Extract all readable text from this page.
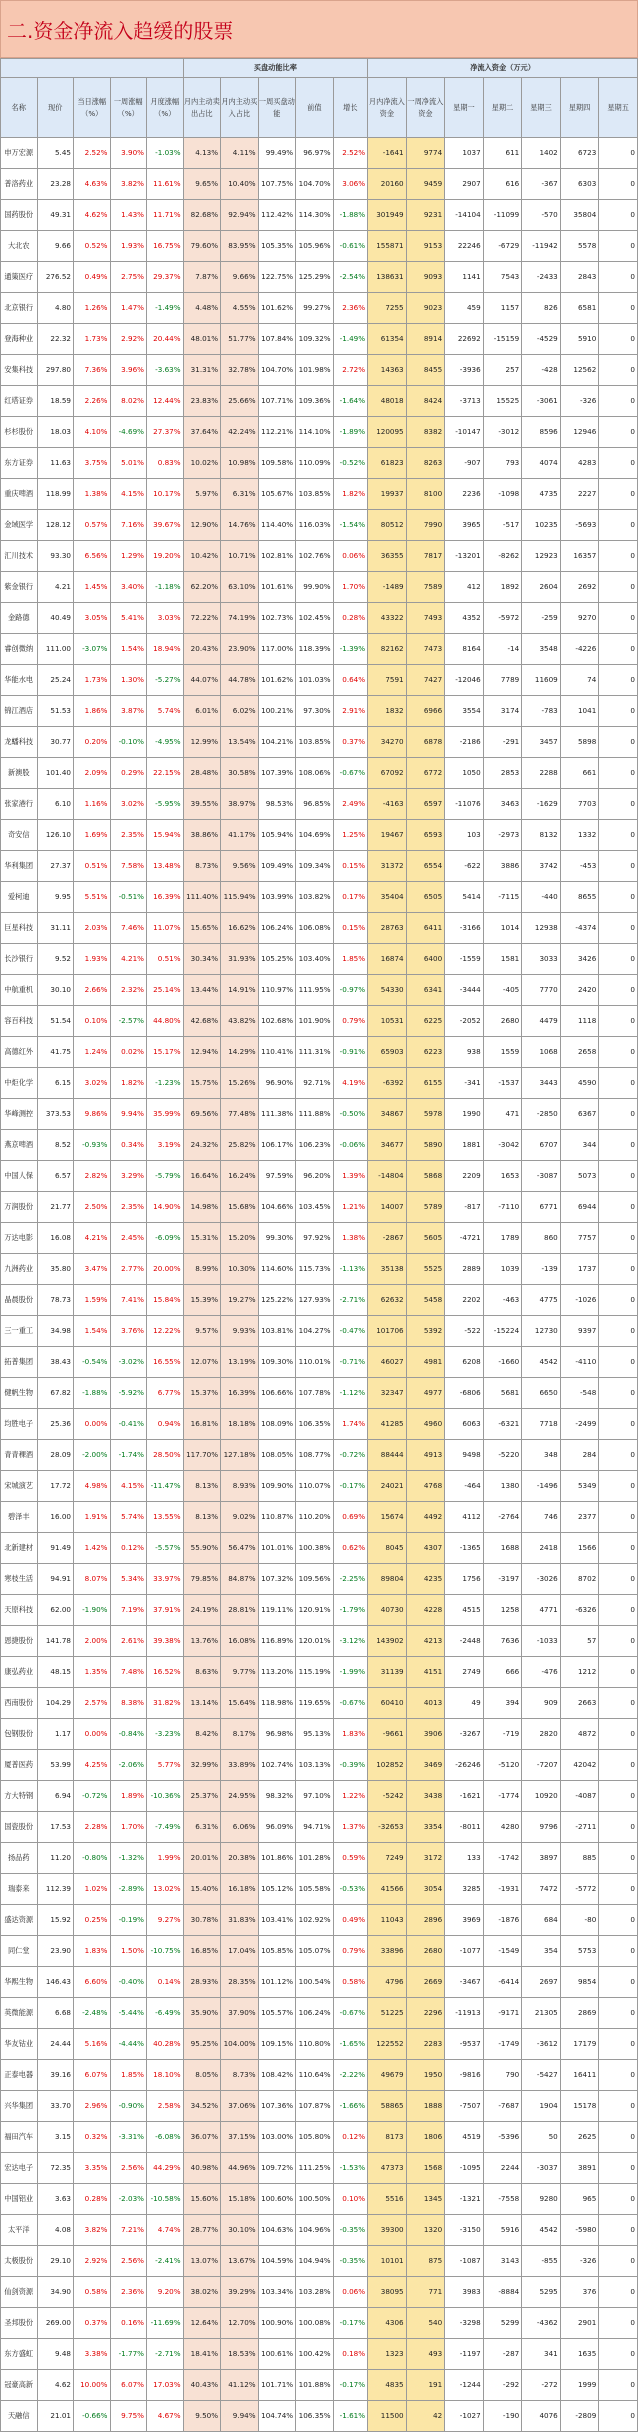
二.资金净流入趋缓的股票
					买盘动能比率					净流入资金（万元）						
名称	现价	当日涨幅（%）	一周涨幅（%）	月度涨幅（%）	月内主动卖出占比	月内主动买入占比	一周买盘动能	前值	增长	月内净流入资金	一周净流入资金	星期一	星期二	星期三	星期四	星期五
申万宏源	5.45	2.52%	3.90%	-1.03%	4.13%	4.11%	99.49%	96.97%	2.52%	-1641	9774	1037	611	1402	6723	0
普洛药业	23.28	4.63%	3.82%	11.61%	9.65%	10.40%	107.75%	104.70%	3.06%	20160	9459	2907	616	-367	6303	0
国药股份	49.31	4.62%	1.43%	11.71%	82.68%	92.94%	112.42%	114.30%	-1.88%	301949	9231	-14104	-11099	-570	35804	0
大北农	9.66	0.52%	1.93%	16.75%	79.60%	83.95%	105.35%	105.96%	-0.61%	155871	9153	22246	-6729	-11942	5578	0
通策医疗	276.52	0.49%	2.75%	29.37%	7.87%	9.66%	122.75%	125.29%	-2.54%	138631	9093	1141	7543	-2433	2843	0
北京银行	4.80	1.26%	1.47%	-1.49%	4.48%	4.55%	101.62%	99.27%	2.36%	7255	9023	459	1157	826	6581	0
登海种业	22.32	1.73%	2.92%	20.44%	48.01%	51.77%	107.84%	109.32%	-1.49%	61354	8914	22692	-15159	-4529	5910	0
安集科技	297.80	7.36%	3.96%	-3.63%	31.31%	32.78%	104.70%	101.98%	2.72%	14363	8455	-3936	257	-428	12562	0
红塔证券	18.59	2.26%	8.02%	12.44%	23.83%	25.66%	107.71%	109.36%	-1.64%	48018	8424	-3713	15525	-3061	-326	0
杉杉股份	18.03	4.10%	-4.69%	27.37%	37.64%	42.24%	112.21%	114.10%	-1.89%	120095	8382	-10147	-3012	8596	12946	0
东方证券	11.63	3.75%	5.01%	0.83%	10.02%	10.98%	109.58%	110.09%	-0.52%	61823	8263	-907	793	4074	4283	0
重庆啤酒	118.99	1.38%	4.15%	10.17%	5.97%	6.31%	105.67%	103.85%	1.82%	19937	8100	2236	-1098	4735	2227	0
金域医学	128.12	0.57%	7.16%	39.67%	12.90%	14.76%	114.40%	116.03%	-1.54%	80512	7990	3965	-517	10235	-5693	0
汇川技术	93.30	6.56%	1.29%	19.20%	10.42%	10.71%	102.81%	102.76%	0.06%	36355	7817	-13201	-8262	12923	16357	0
紫金银行	4.21	1.45%	3.40%	-1.18%	62.20%	63.10%	101.61%	99.90%	1.70%	-1489	7589	412	1892	2604	2692	0
金路德	40.49	3.05%	5.41%	3.03%	72.22%	74.19%	102.73%	102.45%	0.28%	43322	7493	4352	-5972	-259	9270	0
睿创微纳	111.00	-3.07%	1.54%	18.94%	20.43%	23.90%	117.00%	118.39%	-1.39%	82162	7473	8164	-14	3548	-4226	0
华能水电	25.24	1.73%	1.30%	-5.27%	44.07%	44.78%	101.62%	101.03%	0.64%	7591	7427	-12046	7789	11609	74	0
锦江酒店	51.53	1.86%	3.87%	5.74%	6.01%	6.02%	100.21%	97.30%	2.91%	1832	6966	3554	3174	-783	1041	0
龙蟠科技	30.77	0.20%	-0.10%	-4.95%	12.99%	13.54%	104.21%	103.85%	0.37%	34270	6878	-2186	-291	3457	5898	0
新澳股	101.40	2.09%	0.29%	22.15%	28.48%	30.58%	107.39%	108.06%	-0.67%	67092	6772	1050	2853	2288	661	0
张家港行	6.10	1.16%	3.02%	-5.95%	39.55%	38.97%	98.53%	96.85%	2.49%	-4163	6597	-11076	3463	-1629	7703	0
奇安信	126.10	1.69%	2.35%	15.94%	38.86%	41.17%	105.94%	104.69%	1.25%	19467	6593	103	-2973	8132	1332	0
华利集团	27.37	0.51%	7.58%	13.48%	8.73%	9.56%	109.49%	109.34%	0.15%	31372	6554	-622	3886	3742	-453	0
爱柯迪	9.95	5.51%	-0.51%	16.39%	111.40%	115.94%	103.99%	103.82%	0.17%	35404	6505	5414	-7115	-440	8655	0
巨星科技	31.11	2.03%	7.46%	11.07%	15.65%	16.62%	106.24%	106.08%	0.15%	28763	6411	-3166	1014	12938	-4374	0
长沙银行	9.52	1.93%	4.21%	0.51%	30.34%	31.93%	105.25%	103.40%	1.85%	16874	6400	-1559	1581	3033	3426	0
中航重机	30.10	2.66%	2.32%	25.14%	13.44%	14.91%	110.97%	111.95%	-0.97%	54330	6341	-3444	-405	7770	2420	0
容百科技	51.54	0.10%	-2.57%	44.80%	42.68%	43.82%	102.68%	101.90%	0.79%	10531	6225	-2052	2680	4479	1118	0
高德红外	41.75	1.24%	0.02%	15.17%	12.94%	14.29%	110.41%	111.31%	-0.91%	65903	6223	938	1559	1068	2658	0
中炬化学	6.15	3.02%	1.82%	-1.23%	15.75%	15.26%	96.90%	92.71%	4.19%	-6392	6155	-341	-1537	3443	4590	0
华峰测控	373.53	9.86%	9.94%	35.99%	69.56%	77.48%	111.38%	111.88%	-0.50%	34867	5978	1990	471	-2850	6367	0
燕京啤酒	8.52	-0.93%	0.34%	3.19%	24.32%	25.82%	106.17%	106.23%	-0.06%	34677	5890	1881	-3042	6707	344	0
中国人保	6.57	2.82%	3.29%	-5.79%	16.64%	16.24%	97.59%	96.20%	1.39%	-14804	5868	2209	1653	-3087	5073	0
万润股份	21.77	2.50%	2.35%	14.90%	14.98%	15.68%	104.66%	103.45%	1.21%	14007	5789	-817	-7110	6771	6944	0
万达电影	16.08	4.21%	2.45%	-6.09%	15.31%	15.20%	99.30%	97.92%	1.38%	-2867	5605	-4721	1789	860	7757	0
九洲药业	35.80	3.47%	2.77%	20.00%	8.99%	10.30%	114.60%	115.73%	-1.13%	35138	5525	2889	1039	-139	1737	0
晶晨股份	78.73	1.59%	7.41%	15.84%	15.39%	19.27%	125.22%	127.93%	-2.71%	62632	5458	2202	-463	4775	-1026	0
三一重工	34.98	1.54%	3.76%	12.22%	9.57%	9.93%	103.81%	104.27%	-0.47%	101706	5392	-522	-15224	12730	9397	0
拓普集团	38.43	-0.54%	-3.02%	16.55%	12.07%	13.19%	109.30%	110.01%	-0.71%	46027	4981	6208	-1660	4542	-4110	0
健帆生物	67.82	-1.88%	-5.92%	6.77%	15.37%	16.39%	106.66%	107.78%	-1.12%	32347	4977	-6806	5681	6650	-548	0
均胜电子	25.36	0.00%	-0.41%	0.94%	16.81%	18.18%	108.09%	106.35%	1.74%	41285	4960	6063	-6321	7718	-2499	0
青青稞酒	28.09	-2.00%	-1.74%	28.50%	117.70%	127.18%	108.05%	108.77%	-0.72%	88444	4913	9498	-5220	348	284	0
宋城演艺	17.72	4.98%	4.15%	-11.47%	8.13%	8.93%	109.90%	110.07%	-0.17%	24021	4768	-464	1380	-1496	5349	0
碧泽丰	16.00	1.91%	5.74%	13.55%	8.13%	9.02%	110.87%	110.20%	0.69%	15674	4492	4112	-2764	746	2377	0
北新建材	91.49	1.42%	0.12%	-5.57%	55.90%	56.47%	101.01%	100.38%	0.62%	8045	4307	-1365	1688	2418	1566	0
寒枝生活	94.91	8.07%	5.34%	33.97%	79.85%	84.87%	107.32%	109.56%	-2.25%	89804	4235	1756	-3197	-3026	8702	0
天原科技	62.00	-1.90%	7.19%	37.91%	24.19%	28.81%	119.11%	120.91%	-1.79%	40730	4228	4515	1258	4771	-6326	0
恩捷股份	141.78	2.00%	2.61%	39.38%	13.76%	16.08%	116.89%	120.01%	-3.12%	143902	4213	-2448	7636	-1033	57	0
康弘药业	48.15	1.35%	7.48%	16.52%	8.63%	9.77%	113.20%	115.19%	-1.99%	31139	4151	2749	666	-476	1212	0
西南股份	104.29	2.57%	8.38%	31.82%	13.14%	15.64%	118.98%	119.65%	-0.67%	60410	4013	49	394	909	2663	0
包钢股份	1.17	0.00%	-0.84%	-3.23%	8.42%	8.17%	96.98%	95.13%	1.83%	-9661	3906	-3267	-719	2820	4872	0
厦普医药	53.99	4.25%	-2.06%	5.77%	32.99%	33.89%	102.74%	103.13%	-0.39%	102852	3469	-26246	-5120	-7207	42042	0
方大特钢	6.94	-0.72%	1.89%	-10.36%	25.37%	24.95%	98.32%	97.10%	1.22%	-5242	3438	-1621	-1774	10920	-4087	0
国瓷股份	17.53	2.28%	1.70%	-7.49%	6.31%	6.06%	96.09%	94.71%	1.37%	-32653	3354	-8011	4280	9796	-2711	0
扬品药	11.20	-0.80%	-1.32%	1.99%	20.01%	20.38%	101.86%	101.28%	0.59%	7249	3172	133	-1742	3897	885	0
瑞泰来	112.39	1.02%	-2.89%	13.02%	15.40%	16.18%	105.12%	105.58%	-0.53%	41566	3054	3285	-1931	7472	-5772	0
盛达资源	15.92	0.25%	-0.19%	9.27%	30.78%	31.83%	103.41%	102.92%	0.49%	11043	2896	3969	-1876	684	-80	0
同仁堂	23.90	1.83%	1.50%	-10.75%	16.85%	17.04%	105.85%	105.07%	0.79%	33896	2680	-1077	-1549	354	5753	0
华熙生物	146.43	6.60%	-0.40%	0.14%	28.93%	28.35%	101.12%	100.54%	0.58%	4796	2669	-3467	-6414	2697	9854	0
英微能源	6.68	-2.48%	-5.44%	-6.49%	35.90%	37.90%	105.57%	106.24%	-0.67%	51225	2296	-11913	-9171	21305	2869	0
华友钴业	24.44	5.16%	-4.44%	40.28%	95.25%	104.00%	109.15%	110.80%	-1.65%	122552	2283	-9537	-1749	-3612	17179	0
正泰电器	39.16	6.07%	1.85%	18.10%	8.05%	8.73%	108.42%	110.64%	-2.22%	49679	1950	-9816	790	-5427	16411	0
兴华集团	33.70	2.96%	-0.90%	2.58%	34.52%	37.06%	107.36%	107.87%	-1.66%	58865	1888	-7507	-7687	1904	15178	0
福田汽车	3.15	0.32%	-3.31%	-6.08%	36.07%	37.15%	103.00%	105.80%	0.12%	8173	1806	4519	-5396	50	2625	0
宏达电子	72.35	3.35%	2.56%	44.29%	40.98%	44.96%	109.72%	111.25%	-1.53%	47373	1568	-1095	2244	-3037	3891	0
中国铝业	3.63	0.28%	-2.03%	-10.58%	15.60%	15.18%	100.60%	100.50%	0.10%	5516	1345	-1321	-7558	9280	965	0
太平洋	4.08	3.82%	7.21%	4.74%	28.77%	30.10%	104.63%	104.96%	-0.35%	39300	1320	-3150	5916	4542	-5980	0
太极股份	29.10	2.92%	2.56%	-2.41%	13.07%	13.67%	104.59%	104.94%	-0.35%	10101	875	-1087	3143	-855	-326	0
仙剑资源	34.90	0.58%	2.36%	9.20%	38.02%	39.29%	103.34%	103.28%	0.06%	38095	771	3983	-8884	5295	376	0
圣邦股份	269.00	0.37%	0.16%	-11.69%	12.64%	12.70%	100.90%	100.08%	-0.17%	4306	540	-3298	5299	-4362	2901	0
东方盛虹	9.48	3.38%	-1.77%	-2.71%	18.41%	18.53%	100.61%	100.42%	0.18%	1323	493	-1197	-287	341	1635	0
冠豪高新	4.62	10.00%	6.07%	17.03%	40.43%	41.12%	101.71%	101.88%	-0.17%	4835	191	-1244	-292	-272	1999	0
天融信	21.01	-0.66%	9.75%	4.67%	9.50%	9.94%	104.74%	106.35%	-1.61%	11500	42	-1027	-190	4076	-2809	0
